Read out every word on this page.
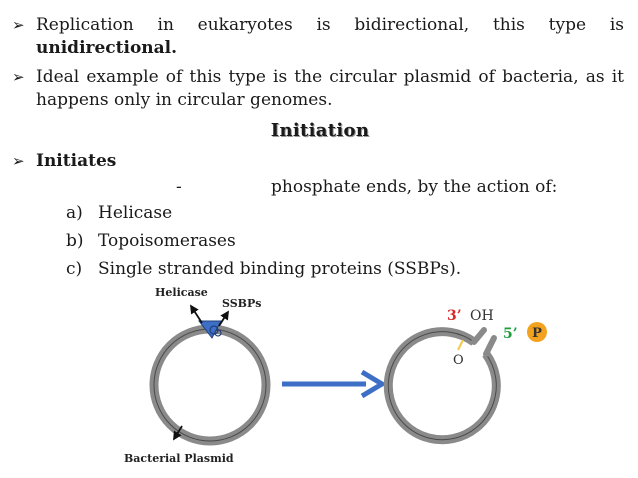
➢ Replication in eukaryotes is bidirectional, this type is
unidirectional.
➢ Ideal example of this type is the circular plasmid of bacteria, as it
happens only in circular genomes.
Initiation
➢ Initiates
-	phosphate ends, by the action of:
a) Helicase
b) Topoisomerases
c) Single stranded binding proteins (SSBPs).
Helicase
SSBPs
Bacterial Plasmid
3’ OH
5’ P
O
